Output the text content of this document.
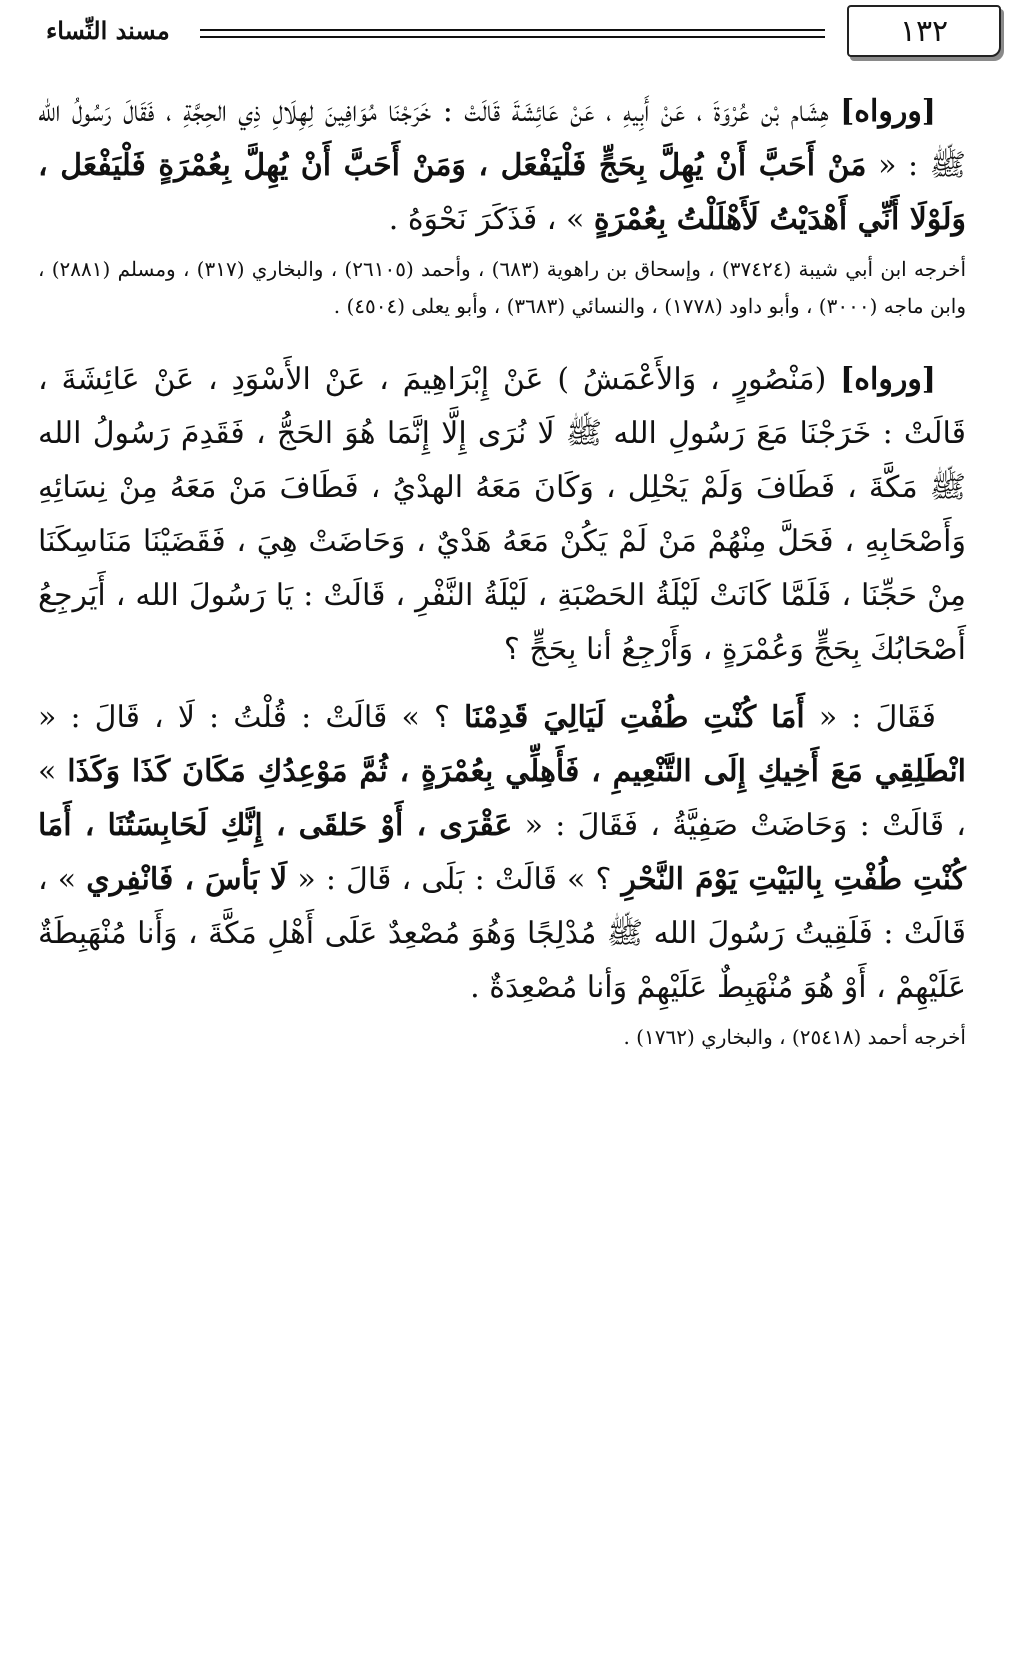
١٣٢
مسند النِّساء

[ورواه] هِشَام بْن عُرْوَةَ ، عَنْ أَبِيهِ ، عَنْ عَائِشَةَ قَالَتْ : خَرَجْنَا مُوَافِينَ لِهِلَالِ ذِي الحِجَّةِ ، فَقَالَ رَسُولُ الله ﷺ : « مَنْ أَحَبَّ أَنْ يُهِلَّ بِحَجٍّ فَلْيَفْعَل ، وَمَنْ أَحَبَّ أَنْ يُهِلَّ بِعُمْرَةٍ فَلْيَفْعَل ، وَلَوْلَا أَنِّي أَهْدَيْتُ لَأَهْلَلْتُ بِعُمْرَةٍ » ، فَذَكَرَ نَحْوَهُ .

أخرجه ابن أبي شيبة (٣٧٤٢٤) ، وإسحاق بن راهوية (٦٨٣) ، وأحمد (٢٦١٠٥) ، والبخاري (٣١٧) ، ومسلم (٢٨٨١) ، وابن ماجه (٣٠٠٠) ، وأبو داود (١٧٧٨) ، والنسائي (٣٦٨٣) ، وأبو يعلى (٤٥٠٤) .

[ورواه] (مَنْصُورٍ ، وَالأَعْمَشُ ) عَنْ إِبْرَاهِيمَ ، عَنْ الأَسْوَدِ ، عَنْ عَائِشَةَ ، قَالَتْ : خَرَجْنَا مَعَ رَسُولِ الله ﷺ لَا نُرَى إِلَّا إِنَّمَا هُوَ الحَجُّ ، فَقَدِمَ رَسُولُ الله ﷺ مَكَّةَ ، فَطَافَ وَلَمْ يَحْلِل ، وَكَانَ مَعَهُ الهدْيُ ، فَطَافَ مَنْ مَعَهُ مِنْ نِسَائِهِ وَأَصْحَابِهِ ، فَحَلَّ مِنْهُمْ مَنْ لَمْ يَكُنْ مَعَهُ هَدْيٌ ، وَحَاضَتْ هِيَ ، فَقَضَيْنَا مَنَاسِكَنَا مِنْ حَجِّنَا ، فَلَمَّا كَانَتْ لَيْلَةُ الحَصْبَةِ ، لَيْلَةُ النَّفْرِ ، قَالَتْ : يَا رَسُولَ الله ، أَيَرجِعُ أَصْحَابُكَ بِحَجٍّ وَعُمْرَةٍ ، وَأَرْجِعُ أنا بِحَجٍّ ؟

فَقَالَ : « أَمَا كُنْتِ طُفْتِ لَيَالِيَ قَدِمْنَا ؟ » قَالَتْ : قُلْتُ : لَا ، قَالَ : « انْطَلِقِي مَعَ أَخِيكِ إِلَى التَّنْعِيمِ ، فَأَهِلِّي بِعُمْرَةٍ ، ثُمَّ مَوْعِدُكِ مَكَانَ كَذَا وَكَذَا » ، قَالَتْ : وَحَاضَتْ صَفِيَّةُ ، فَقَالَ : « عَقْرَى ، أَوْ حَلقَى ، إِنَّكِ لَحَابِسَتُنَا ، أَمَا كُنْتِ طُفْتِ بِالبَيْتِ يَوْمَ النَّحْرِ ؟ » قَالَتْ : بَلَى ، قَالَ : « لَا بَأسَ ، فَانْفِري » ، قَالَتْ : فَلَقِيتُ رَسُولَ الله ﷺ مُدْلِجًا وَهُوَ مُصْعِدٌ عَلَى أَهْلِ مَكَّةَ ، وَأَنا مُنْهَبِطَةٌ عَلَيْهِمْ ، أَوْ هُوَ مُنْهَبِطٌ عَلَيْهِمْ وَأنا مُصْعِدَةٌ .

أخرجه أحمد (٢٥٤١٨) ، والبخاري (١٧٦٢) .
